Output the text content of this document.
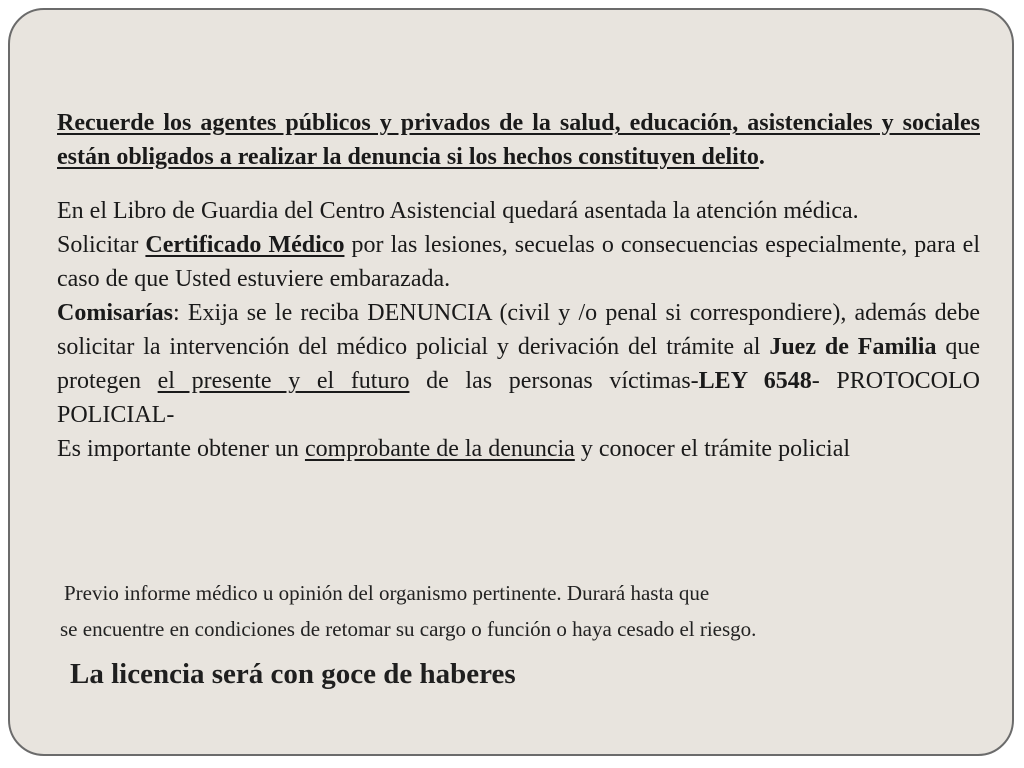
Recuerde los agentes públicos y privados de la salud, educación, asistenciales y sociales están obligados a realizar la denuncia si los hechos constituyen delito.

En el Libro de Guardia del Centro Asistencial quedará asentada la atención médica.

Solicitar Certificado Médico por las lesiones, secuelas o consecuencias especialmente, para el caso de que Usted estuviere embarazada.

Comisarías: Exija se le reciba DENUNCIA (civil y /o penal si correspondiere), además debe solicitar la intervención del médico policial y derivación del trámite al Juez de Familia que protegen el presente y el futuro de las personas víctimas-LEY 6548- PROTOCOLO POLICIAL-

Es importante obtener un comprobante de la denuncia y conocer el trámite policial

Previo informe médico u opinión del organismo pertinente. Durará hasta que
se encuentre en condiciones de retomar su cargo o función o haya cesado el riesgo.
La licencia será con goce de haberes
